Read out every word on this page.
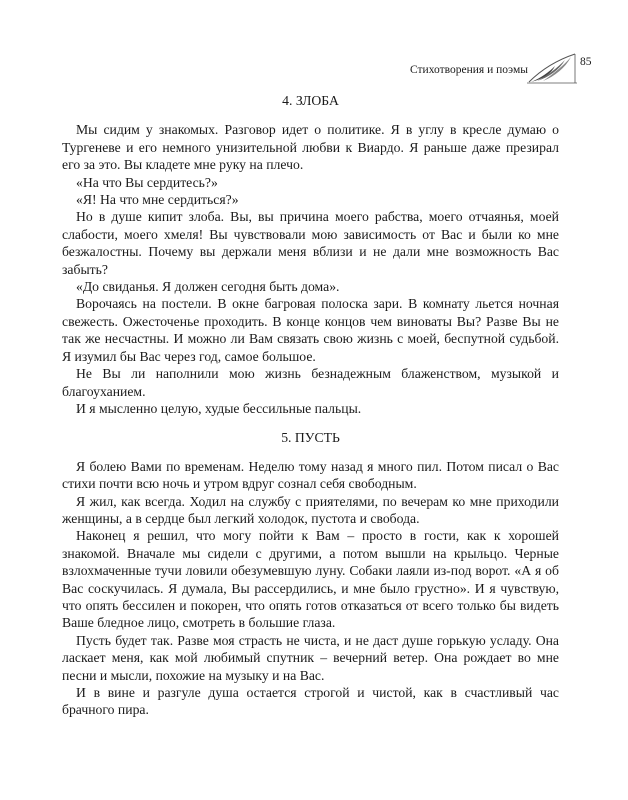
Стихотворения и поэмы
85
4. ЗЛОБА

Мы сидим у знакомых. Разговор идет о политике. Я в углу в кресле думаю о Тургеневе и его немного унизительной любви к Виардо. Я раньше даже презирал его за это. Вы кладете мне руку на плечо.

«На что Вы сердитесь?»

«Я! На что мне сердиться?»

Но в душе кипит злоба. Вы, вы причина моего рабства, моего отчаянья, моей слабости, моего хмеля! Вы чувствовали мою зависимость от Вас и были ко мне безжалостны. Почему вы держали меня вблизи и не дали мне возможность Вас забыть?

«До свиданья. Я должен сегодня быть дома».

Ворочаясь на постели. В окне багровая полоска зари. В комнату льется ночная свежесть. Ожесточенье проходить. В конце концов чем виноваты Вы? Разве Вы не так же несчастны. И можно ли Вам связать свою жизнь с моей, беспутной судьбой. Я изумил бы Вас через год, самое большое.

Не Вы ли наполнили мою жизнь безнадежным блаженством, музыкой и благоуханием.

И я мысленно целую, худые бессильные пальцы.

5. ПУСТЬ

Я болею Вами по временам. Неделю тому назад я много пил. Потом писал о Вас стихи почти всю ночь и утром вдруг сознал себя свободным.

Я жил, как всегда. Ходил на службу с приятелями, по вечерам ко мне приходили женщины, а в сердце был легкий холодок, пустота и свобода.

Наконец я решил, что могу пойти к Вам – просто в гости, как к хорошей знакомой. Вначале мы сидели с другими, а потом вышли на крыльцо. Черные взлохмаченные тучи ловили обезумевшую луну. Собаки лаяли из-под ворот. «А я об Вас соскучилась. Я думала, Вы рассердились, и мне было грустно». И я чувствую, что опять бессилен и покорен, что опять готов отказаться от всего только бы видеть Ваше бледное лицо, смотреть в большие глаза.

Пусть будет так. Разве моя страсть не чиста, и не даст душе горькую усладу. Она ласкает меня, как мой любимый спутник – вечерний ветер. Она рождает во мне песни и мысли, похожие на музыку и на Вас.

И в вине и разгуле душа остается строгой и чистой, как в счастливый час брачного пира.
